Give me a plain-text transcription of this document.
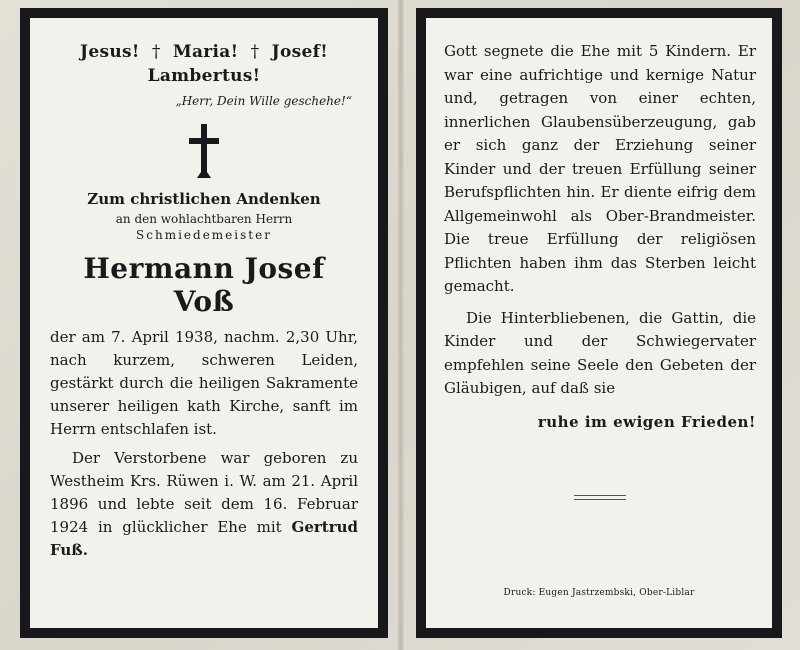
Jesus! † Maria! † Josef!
Lambertus!
„Herr, Dein Wille geschehe!“
Zum christlichen Andenken
an den wohlachtbaren Herrn
Schmiedemeister
Hermann Josef Voß
der am 7. April 1938, nachm. 2,30 Uhr, nach kurzem, schweren Leiden, gestärkt durch die heiligen Sakramente unserer heiligen kath Kirche, sanft im Herrn entschlafen ist.
Der Verstorbene war geboren zu Westheim Krs. Rüwen i. W. am 21. April 1896 und lebte seit dem 16. Februar 1924 in glücklicher Ehe mit Gertrud Fuß.
Gott segnete die Ehe mit 5 Kindern. Er war eine aufrichtige und kernige Natur und, getragen von einer echten, innerlichen Glaubensüberzeugung, gab er sich ganz der Erziehung seiner Kinder und der treuen Erfüllung seiner Berufspflichten hin. Er diente eifrig dem Allgemeinwohl als Ober-Brandmeister. Die treue Erfüllung der religiösen Pflichten haben ihm das Sterben leicht gemacht.
Die Hinterbliebenen, die Gattin, die Kinder und der Schwiegervater empfehlen seine Seele den Gebeten der Gläubigen, auf daß sie
ruhe im ewigen Frieden!
Druck: Eugen Jastrzembski, Ober-Liblar
